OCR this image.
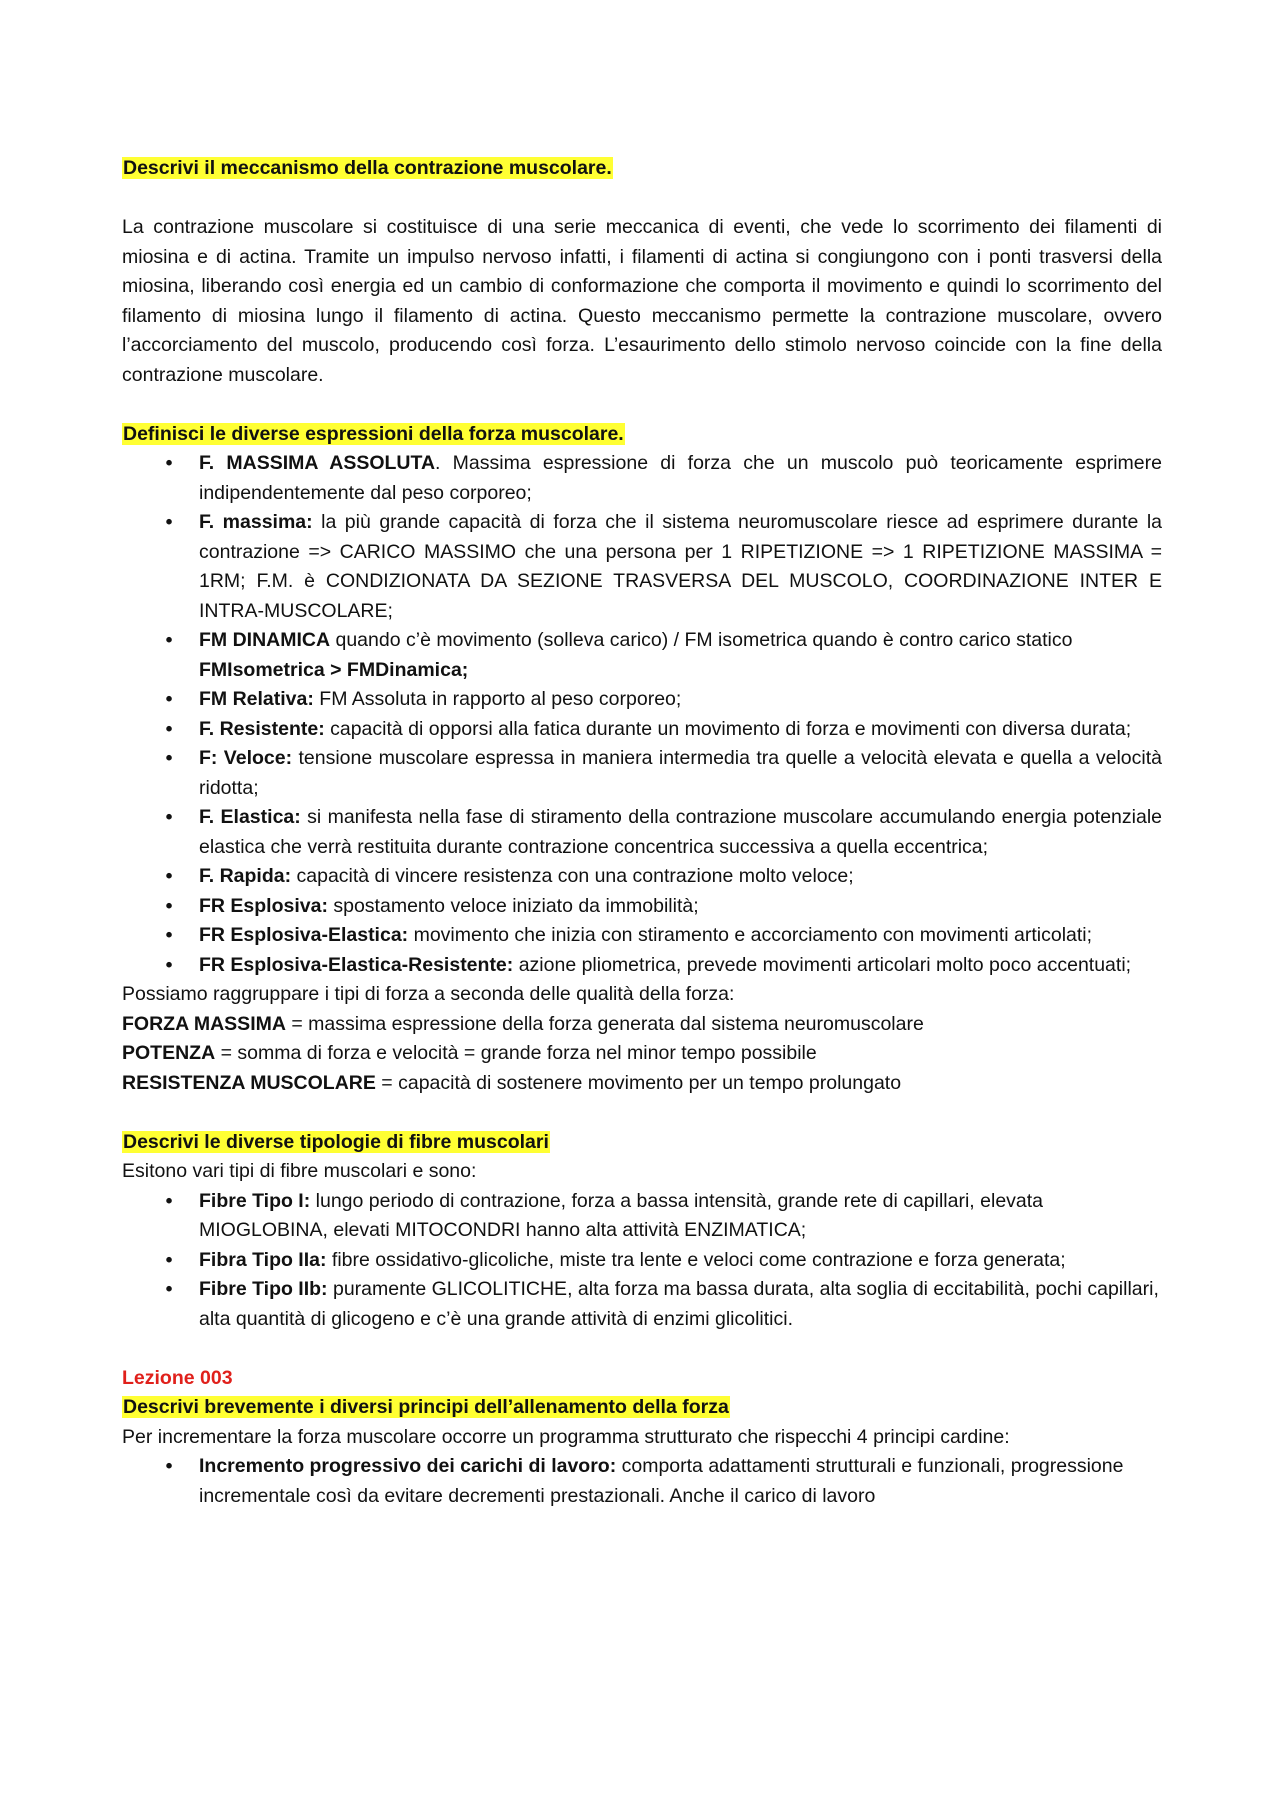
Descrivi il meccanismo della contrazione muscolare.

La contrazione muscolare si costituisce di una serie meccanica di eventi, che vede lo scorrimento dei filamenti di miosina e di actina. Tramite un impulso nervoso infatti, i filamenti di actina si congiungono con i ponti trasversi della miosina, liberando così energia ed un cambio di conformazione che comporta il movimento e quindi lo scorrimento del filamento di miosina lungo il filamento di actina. Questo meccanismo permette la contrazione muscolare, ovvero l’accorciamento del muscolo, producendo così forza. L’esaurimento dello stimolo nervoso coincide con la fine della contrazione muscolare.

Definisci le diverse espressioni della forza muscolare.

• F. MASSIMA ASSOLUTA. Massima espressione di forza che un muscolo può teoricamente esprimere indipendentemente dal peso corporeo;
• F. massima: la più grande capacità di forza che il sistema neuromuscolare riesce ad esprimere durante la contrazione => CARICO MASSIMO che una persona per 1 RIPETIZIONE => 1 RIPETIZIONE MASSIMA = 1RM; F.M. è CONDIZIONATA DA SEZIONE TRASVERSA DEL MUSCOLO, COORDINAZIONE INTER E INTRA-MUSCOLARE;
• FM DINAMICA quando c’è movimento (solleva carico) / FM isometrica quando è contro carico statico
FMIsometrica > FMDinamica;
• FM Relativa: FM Assoluta in rapporto al peso corporeo;
• F. Resistente: capacità di opporsi alla fatica durante un movimento di forza e movimenti con diversa durata;
• F: Veloce: tensione muscolare espressa in maniera intermedia tra quelle a velocità elevata e quella a velocità ridotta;
• F. Elastica: si manifesta nella fase di stiramento della contrazione muscolare accumulando energia potenziale elastica che verrà restituita durante contrazione concentrica successiva a quella eccentrica;
• F. Rapida: capacità di vincere resistenza con una contrazione molto veloce;
• FR Esplosiva: spostamento veloce iniziato da immobilità;
• FR Esplosiva-Elastica: movimento che inizia con stiramento e accorciamento con movimenti articolati;
• FR Esplosiva-Elastica-Resistente: azione pliometrica, prevede movimenti articolari molto poco accentuati;

Possiamo raggruppare i tipi di forza a seconda delle qualità della forza:

FORZA MASSIMA = massima espressione della forza generata dal sistema neuromuscolare

POTENZA = somma di forza e velocità = grande forza nel minor tempo possibile

RESISTENZA MUSCOLARE = capacità di sostenere movimento per un tempo prolungato

Descrivi le diverse tipologie di fibre muscolari

Esitono vari tipi di fibre muscolari e sono:

• Fibre Tipo I: lungo periodo di contrazione, forza a bassa intensità, grande rete di capillari, elevata MIOGLOBINA, elevati MITOCONDRI hanno alta attività ENZIMATICA;
• Fibra Tipo IIa: fibre ossidativo-glicoliche, miste tra lente e veloci come contrazione e forza generata;
• Fibre Tipo IIb: puramente GLICOLITICHE, alta forza ma bassa durata, alta soglia di eccitabilità, pochi capillari, alta quantità di glicogeno e c’è una grande attività di enzimi glicolitici.

Lezione 003

Descrivi brevemente i diversi principi dell’allenamento della forza

Per incrementare la forza muscolare occorre un programma strutturato che rispecchi 4 principi cardine:

• Incremento progressivo dei carichi di lavoro: comporta adattamenti strutturali e funzionali, progressione incrementale così da evitare decrementi prestazionali. Anche il carico di lavoro
